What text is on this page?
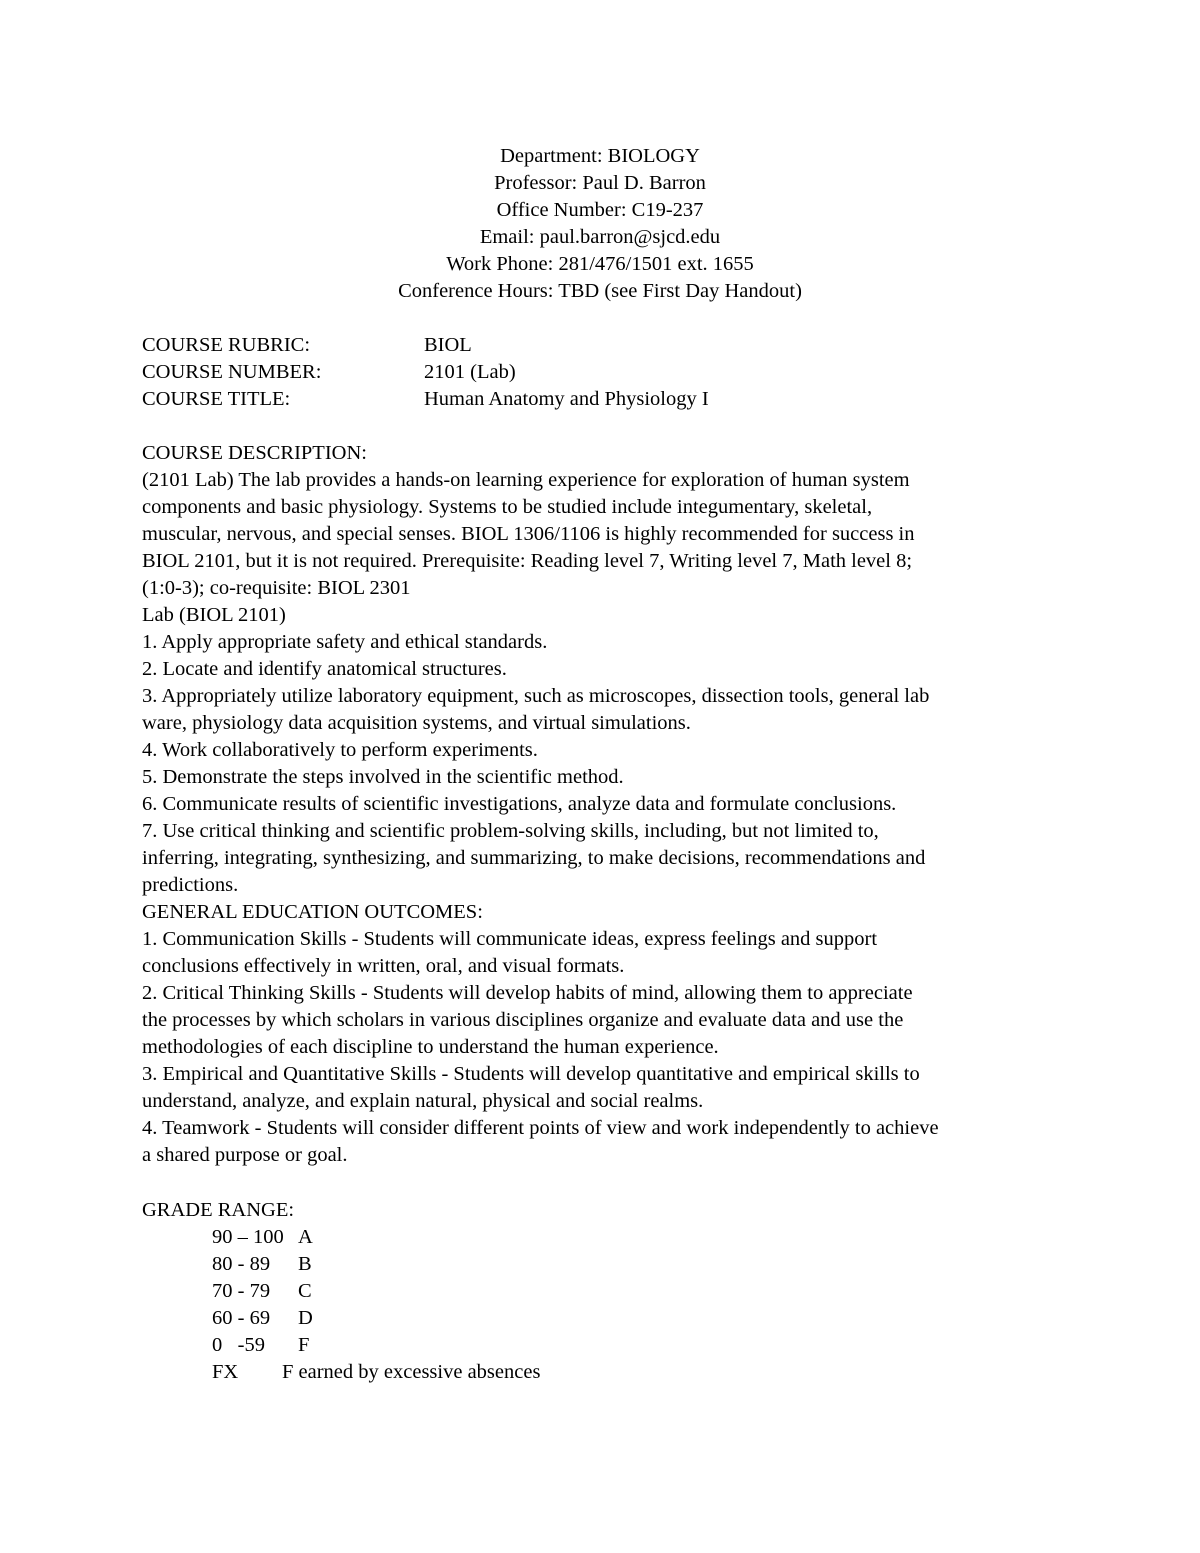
Department: BIOLOGY
Professor: Paul D. Barron
Office Number: C19-237
Email: paul.barron@sjcd.edu
Work Phone: 281/476/1501 ext. 1655
Conference Hours: TBD (see First Day Handout)
COURSE RUBRIC:	BIOL
COURSE NUMBER:	2101 (Lab)
COURSE TITLE:	Human Anatomy and Physiology I
COURSE DESCRIPTION:
(2101 Lab) The lab provides a hands-on learning experience for exploration of human system
components and basic physiology. Systems to be studied include integumentary, skeletal,
muscular, nervous, and special senses. BIOL 1306/1106 is highly recommended for success in
BIOL 2101, but it is not required. Prerequisite: Reading level 7, Writing level 7, Math level 8;
(1:0-3); co-requisite: BIOL 2301
Lab (BIOL 2101)
1. Apply appropriate safety and ethical standards.
2. Locate and identify anatomical structures.
3. Appropriately utilize laboratory equipment, such as microscopes, dissection tools, general lab
ware, physiology data acquisition systems, and virtual simulations.
4. Work collaboratively to perform experiments.
5. Demonstrate the steps involved in the scientific method.
6. Communicate results of scientific investigations, analyze data and formulate conclusions.
7. Use critical thinking and scientific problem-solving skills, including, but not limited to,
inferring, integrating, synthesizing, and summarizing, to make decisions, recommendations and
predictions.
GENERAL EDUCATION OUTCOMES:
1. Communication Skills - Students will communicate ideas, express feelings and support
conclusions effectively in written, oral, and visual formats.
2. Critical Thinking Skills - Students will develop habits of mind, allowing them to appreciate
the processes by which scholars in various disciplines organize and evaluate data and use the
methodologies of each discipline to understand the human experience.
3. Empirical and Quantitative Skills - Students will develop quantitative and empirical skills to
understand, analyze, and explain natural, physical and social realms.
4. Teamwork - Students will consider different points of view and work independently to achieve
a shared purpose or goal.
GRADE RANGE:
90 – 100 A
80 - 89 B
70 - 79 C
60 - 69 D
0   -59 F
FX F earned by excessive absences
